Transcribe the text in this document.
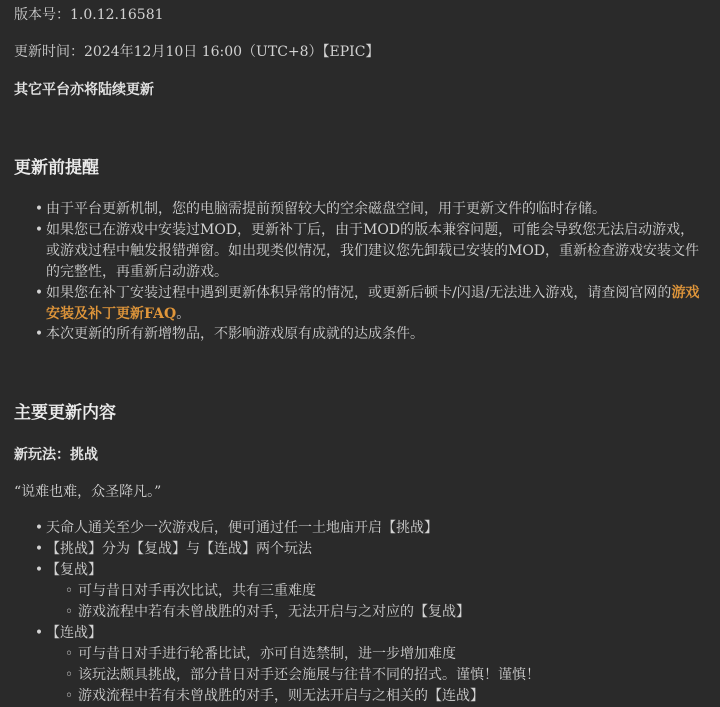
版本号：1.0.12.16581
更新时间：2024年12月10日 16:00（UTC+8）【EPIC】
其它平台亦将陆续更新
更新前提醒
• 由于平台更新机制，您的电脑需提前预留较大的空余磁盘空间，用于更新文件的临时存储。
• 如果您已在游戏中安装过MOD，更新补丁后，由于MOD的版本兼容问题，可能会导致您无法启动游戏，或游戏过程中触发报错弹窗。如出现类似情况，我们建议您先卸载已安装的MOD，重新检查游戏安装文件的完整性，再重新启动游戏。
• 如果您在补丁安装过程中遇到更新体积异常的情况，或更新后顿卡/闪退/无法进入游戏，请查阅官网的游戏安装及补丁更新FAQ。
• 本次更新的所有新增物品，不影响游戏原有成就的达成条件。
主要更新内容
新玩法：挑战
“说难也难，众圣降凡。”
• 天命人通关至少一次游戏后，便可通过任一土地庙开启【挑战】
• 【挑战】分为【复战】与【连战】两个玩法
• 【复战】
◦ 可与昔日对手再次比试，共有三重难度
◦ 游戏流程中若有未曾战胜的对手，无法开启与之对应的【复战】
• 【连战】
◦ 可与昔日对手进行轮番比试，亦可自选禁制，进一步增加难度
◦ 该玩法颇具挑战，部分昔日对手还会施展与往昔不同的招式。谨慎！谨慎！
◦ 游戏流程中若有未曾战胜的对手，则无法开启与之相关的【连战】
